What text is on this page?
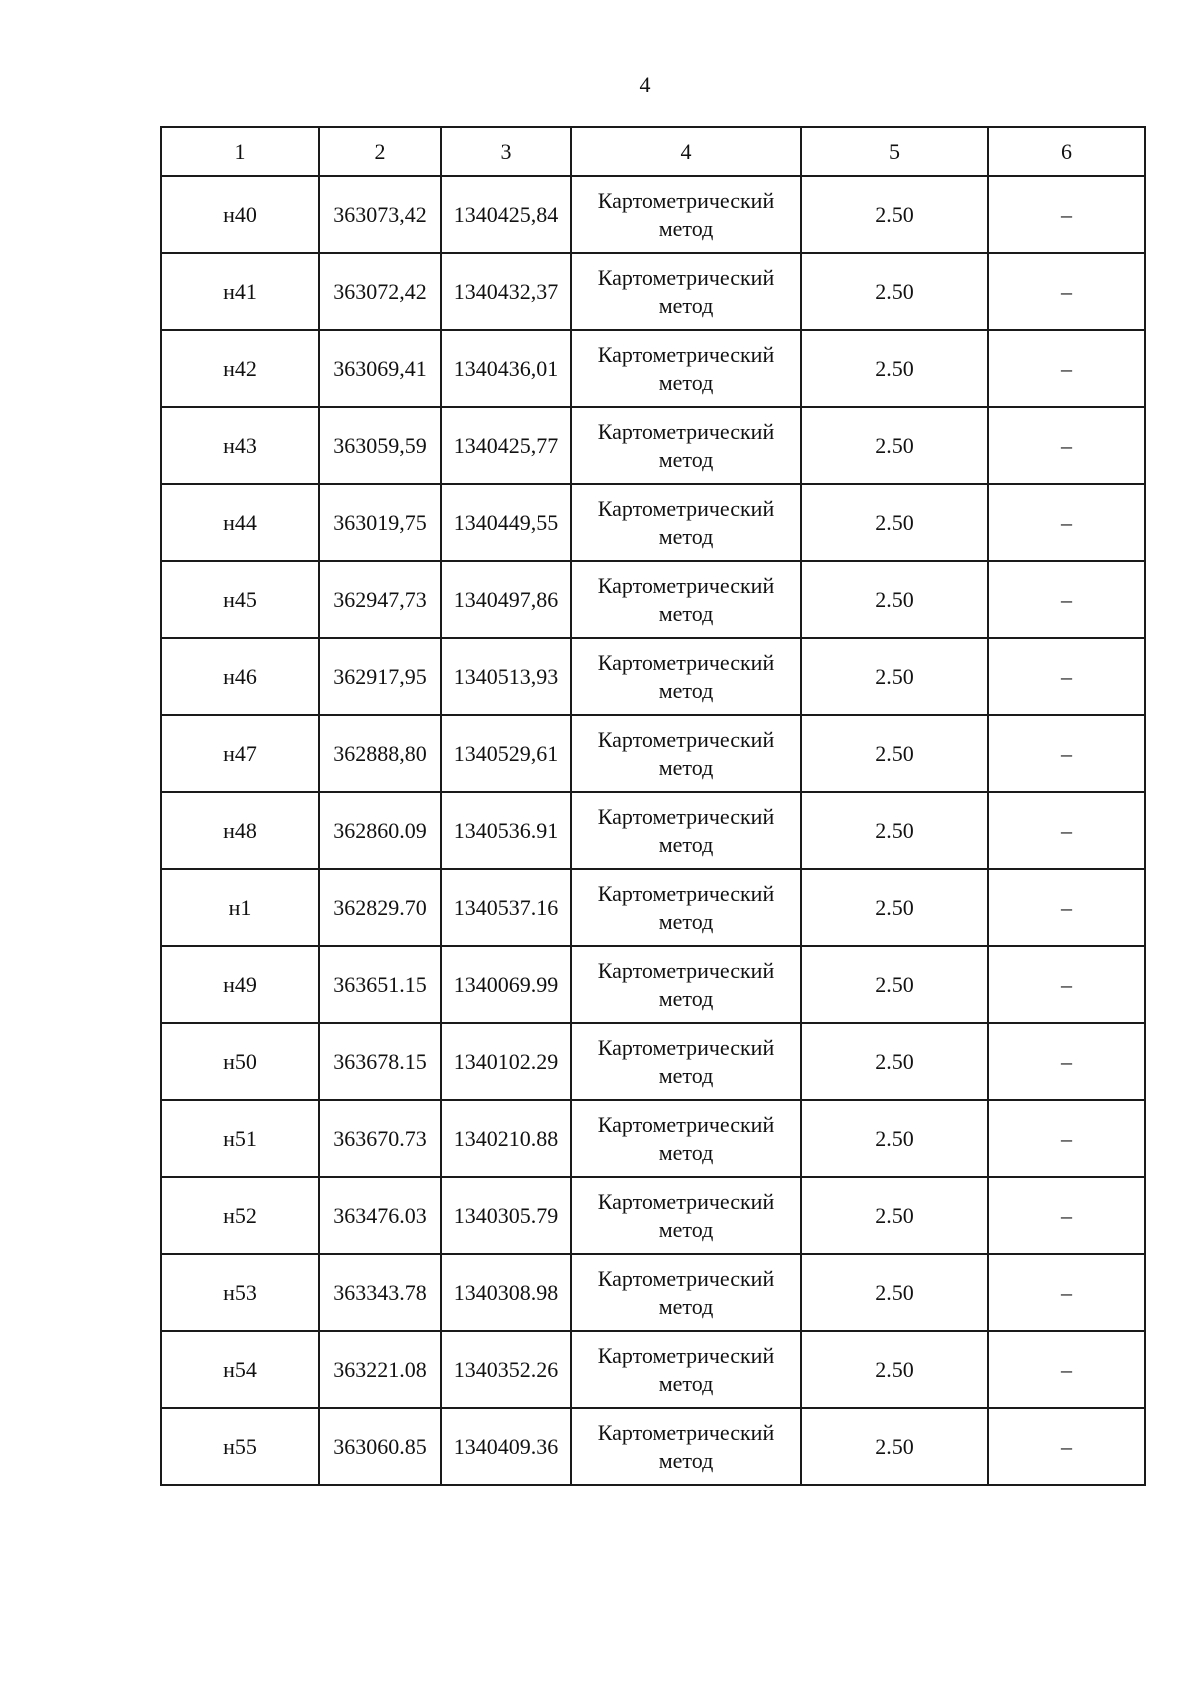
4
1	2	3	4	5	6
н40	363073,42	1340425,84	Картометрический метод	2.50	–
н41	363072,42	1340432,37	Картометрический метод	2.50	–
н42	363069,41	1340436,01	Картометрический метод	2.50	–
н43	363059,59	1340425,77	Картометрический метод	2.50	–
н44	363019,75	1340449,55	Картометрический метод	2.50	–
н45	362947,73	1340497,86	Картометрический метод	2.50	–
н46	362917,95	1340513,93	Картометрический метод	2.50	–
н47	362888,80	1340529,61	Картометрический метод	2.50	–
н48	362860.09	1340536.91	Картометрический метод	2.50	–
н1	362829.70	1340537.16	Картометрический метод	2.50	–
н49	363651.15	1340069.99	Картометрический метод	2.50	–
н50	363678.15	1340102.29	Картометрический метод	2.50	–
н51	363670.73	1340210.88	Картометрический метод	2.50	–
н52	363476.03	1340305.79	Картометрический метод	2.50	–
н53	363343.78	1340308.98	Картометрический метод	2.50	–
н54	363221.08	1340352.26	Картометрический метод	2.50	–
н55	363060.85	1340409.36	Картометрический метод	2.50	–
